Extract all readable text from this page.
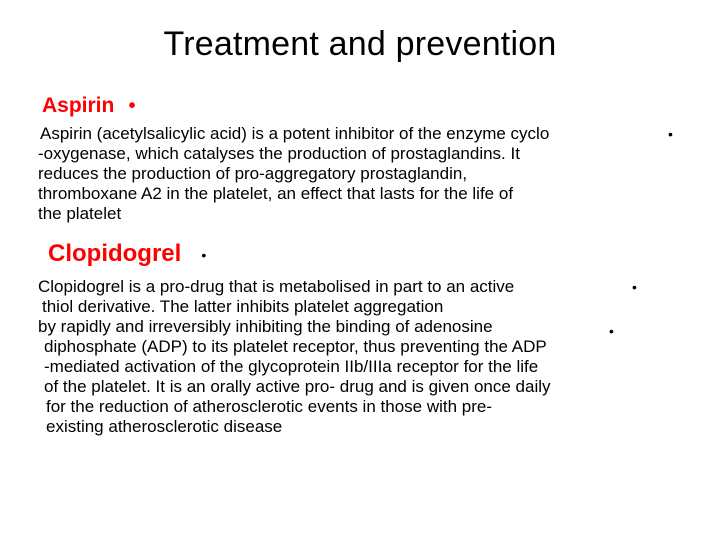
Treatment and prevention
Aspirin •
Aspirin (acetylsalicylic acid) is a potent inhibitor of the enzyme cyclo
-oxygenase, which catalyses the production of prostaglandins. It
reduces the production of pro-aggregatory prostaglandin,
thromboxane A2 in the platelet, an effect that lasts for the life of
the platelet
•
Clopidogrel •
Clopidogrel is a pro-drug that is metabolised in part to an active
thiol derivative. The latter inhibits platelet aggregation
by rapidly and irreversibly inhibiting the binding of adenosine
diphosphate (ADP) to its platelet receptor, thus preventing the ADP
-mediated activation of the glycoprotein IIb/IIIa receptor for the life
of the platelet. It is an orally active pro- drug and is given once daily
for the reduction of atherosclerotic events in those with pre-
existing atherosclerotic disease
•
•
